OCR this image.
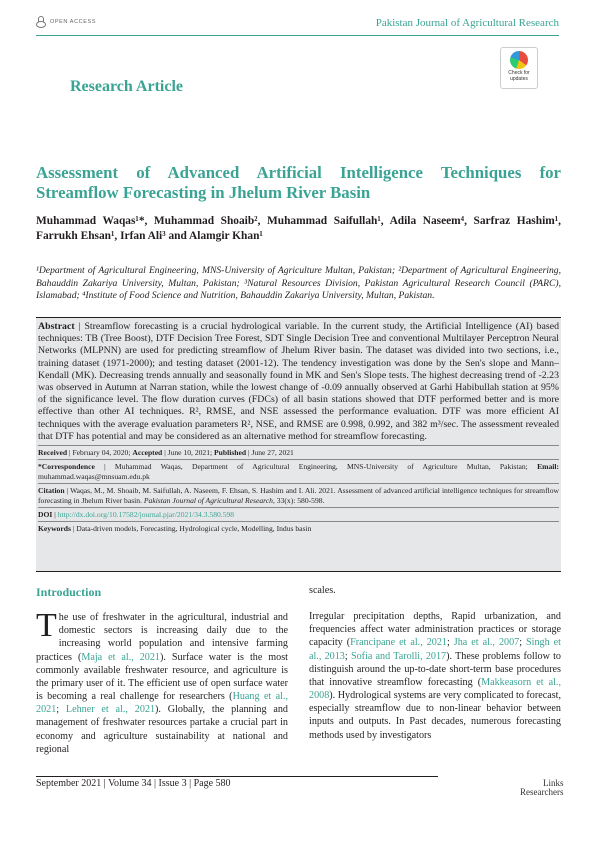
OPEN ACCESS	Pakistan Journal of Agricultural Research
Research Article
Check for
updates
Assessment of Advanced Artificial Intelligence Techniques for Streamflow Forecasting in Jhelum River Basin
Muhammad Waqas¹*, Muhammad Shoaib², Muhammad Saifullah¹, Adila Naseem⁴, Sarfraz Hashim¹, Farrukh Ehsan¹, Irfan Ali³ and Alamgir Khan¹
¹Department of Agricultural Engineering, MNS-University of Agriculture Multan, Pakistan; ²Department of Agricultural Engineering, Bahauddin Zakariya University, Multan, Pakistan; ³Natural Resources Division, Pakistan Agricultural Research Council (PARC), Islamabad; ⁴Institute of Food Science and Nutrition, Bahauddin Zakariya University, Multan, Pakistan.

Abstract | Streamflow forecasting is a crucial hydrological variable. In the current study, the Artificial Intelligence (AI) based techniques: TB (Tree Boost), DTF Decision Tree Forest, SDT Single Decision Tree and conventional Multilayer Perceptron Neural Networks (MLPNN) are used for predicting streamflow of Jhelum River basin. The dataset was divided into two sections, i.e., training dataset (1971-2000); and testing dataset (2001-12). The tendency investigation was done by the Sen's slope and Mann–Kendall (MK). Decreasing trends annually and seasonally found in MK and Sen's Slope tests. The highest decreasing trend of -2.23 was observed in Autumn at Narran station, while the lowest change of -0.09 annually observed at Garhi Habibullah station at 95% of the significance level. The flow duration curves (FDCs) of all basin stations showed that DTF performed better and is more effective than other AI techniques. R², RMSE, and NSE assessed the performance evaluation. DTF was more efficient AI techniques with the average evaluation parameters R², NSE, and RMSE are 0.998, 0.992, and 382 m³/sec. The assessment revealed that DTF has potential and may be considered as an alternative method for streamflow forecasting.

Received | February 04, 2020; Accepted | June 10, 2021; Published | June 27, 2021
*Correspondence | Muhammad Waqas, Department of Agricultural Engineering, MNS-University of Agriculture Multan, Pakistan; Email: muhammad.waqas@mnsuam.edu.pk
Citation | Waqas, M., M. Shoaib, M. Saifullah, A. Naseem, F. Ehsan, S. Hashim and I. Ali. 2021. Assessment of advanced artificial intelligence techniques for streamflow forecasting in Jhelum River basin. Pakistan Journal of Agricultural Research, 33(x): 580-598.
DOI | http://dx.doi.org/10.17582/journal.pjar/2021/34.3.580.598
Keywords | Data-driven models, Forecasting, Hydrological cycle, Modelling, Indus basin
Introduction

The use of freshwater in the agricultural, industrial and domestic sectors is increasing daily due to the increasing world population and intensive farming practices (Maja et al., 2021). Surface water is the most commonly available freshwater resource, and agriculture is the primary user of it. The efficient use of open surface water is becoming a real challenge for researchers (Huang et al., 2021; Lehner et al., 2021). Globally, the planning and management of freshwater resources partake a crucial part in economy and agriculture sustainability at national and regional

scales.

Irregular precipitation depths, Rapid urbanization, and frequencies affect water administration practices or storage capacity (Francipane et al., 2021; Jha et al., 2007; Singh et al., 2013; Sofia and Tarolli, 2017). These problems follow to distinguish around the up-to-date short-term base procedures that innovative streamflow forecasting (Makkeasorn et al., 2008). Hydrological systems are very complicated to forecast, especially streamflow due to non-linear behavior between inputs and outputs. In Past decades, numerous forecasting methods used by investigators

September 2021 | Volume 34 | Issue 3 | Page 580	Links
Researchers
